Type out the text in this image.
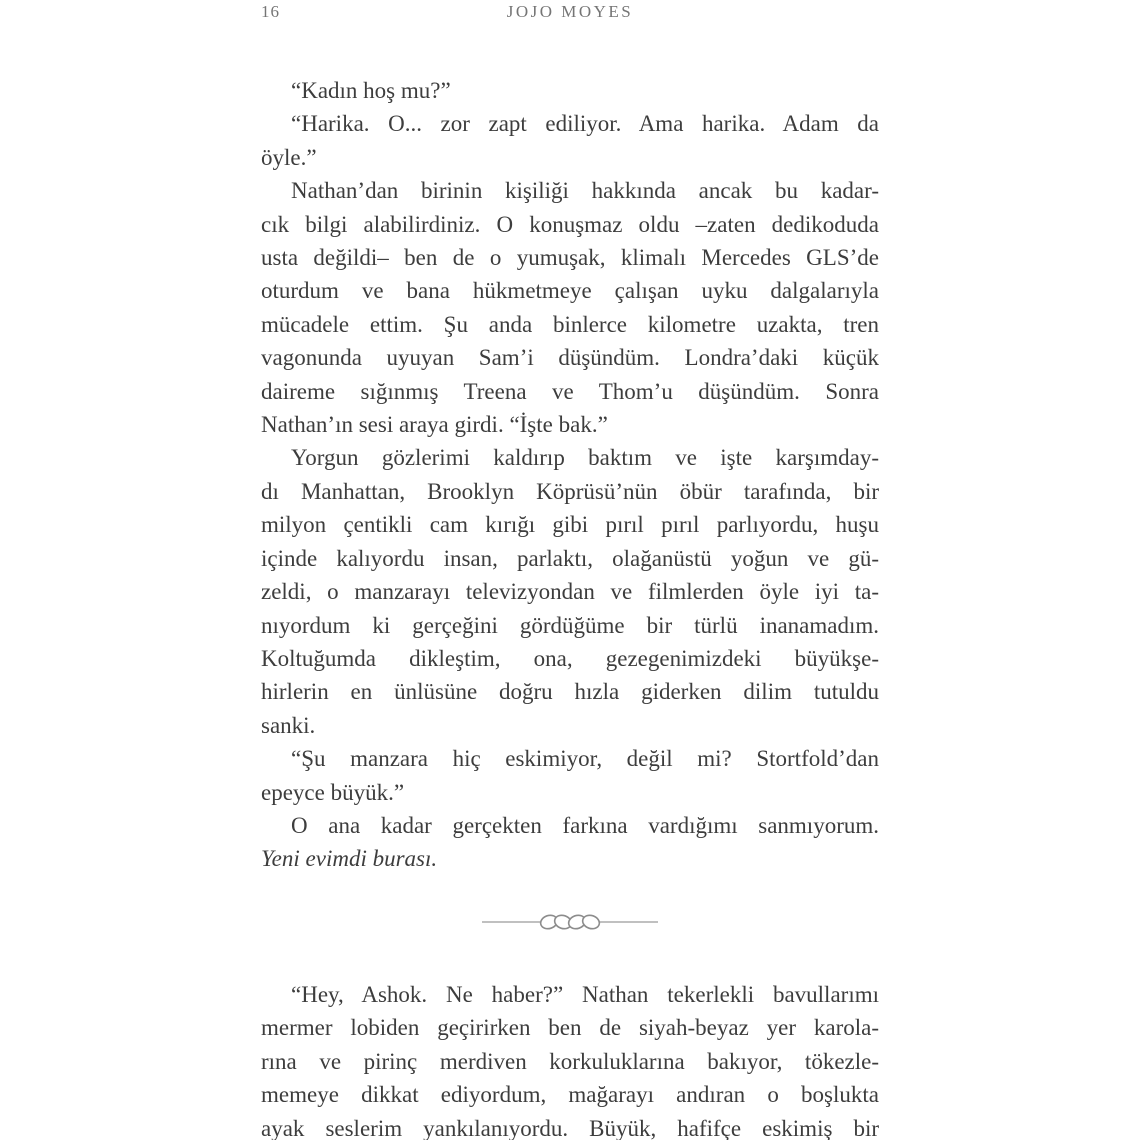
16	JOJO MOYES
“Kadın hoş mu?”
“Harika. O... zor zapt ediliyor. Ama harika. Adam da
öyle.”
Nathan’dan birinin kişiliği hakkında ancak bu kadar-
cık bilgi alabilirdiniz. O konuşmaz oldu –zaten dedikoduda
usta değildi– ben de o yumuşak, klimalı Mercedes GLS’de
oturdum ve bana hükmetmeye çalışan uyku dalgalarıyla
mücadele ettim. Şu anda binlerce kilometre uzakta, tren
vagonunda uyuyan Sam’i düşündüm. Londra’daki küçük
daireme sığınmış Treena ve Thom’u düşündüm. Sonra
Nathan’ın sesi araya girdi. “İşte bak.”
Yorgun gözlerimi kaldırıp baktım ve işte karşımday-
dı Manhattan, Brooklyn Köprüsü’nün öbür tarafında, bir
milyon çentikli cam kırığı gibi pırıl pırıl parlıyordu, huşu
içinde kalıyordu insan, parlaktı, olağanüstü yoğun ve gü-
zeldi, o manzarayı televizyondan ve filmlerden öyle iyi ta-
nıyordum ki gerçeğini gördüğüme bir türlü inanamadım.
Koltuğumda dikleştim, ona, gezegenimizdeki büyükşe-
hirlerin en ünlüsüne doğru hızla giderken dilim tutuldu
sanki.
“Şu manzara hiç eskimiyor, değil mi? Stortfold’dan
epeyce büyük.”
O ana kadar gerçekten farkına vardığımı sanmıyorum.
Yeni evimdi burası.
“Hey, Ashok. Ne haber?” Nathan tekerlekli bavullarımı
mermer lobiden geçirirken ben de siyah-beyaz yer karola-
rına ve pirinç merdiven korkuluklarına bakıyor, tökezle-
memeye dikkat ediyordum, mağarayı andıran o boşlukta
ayak seslerim yankılanıyordu. Büyük, hafifçe eskimiş bir
